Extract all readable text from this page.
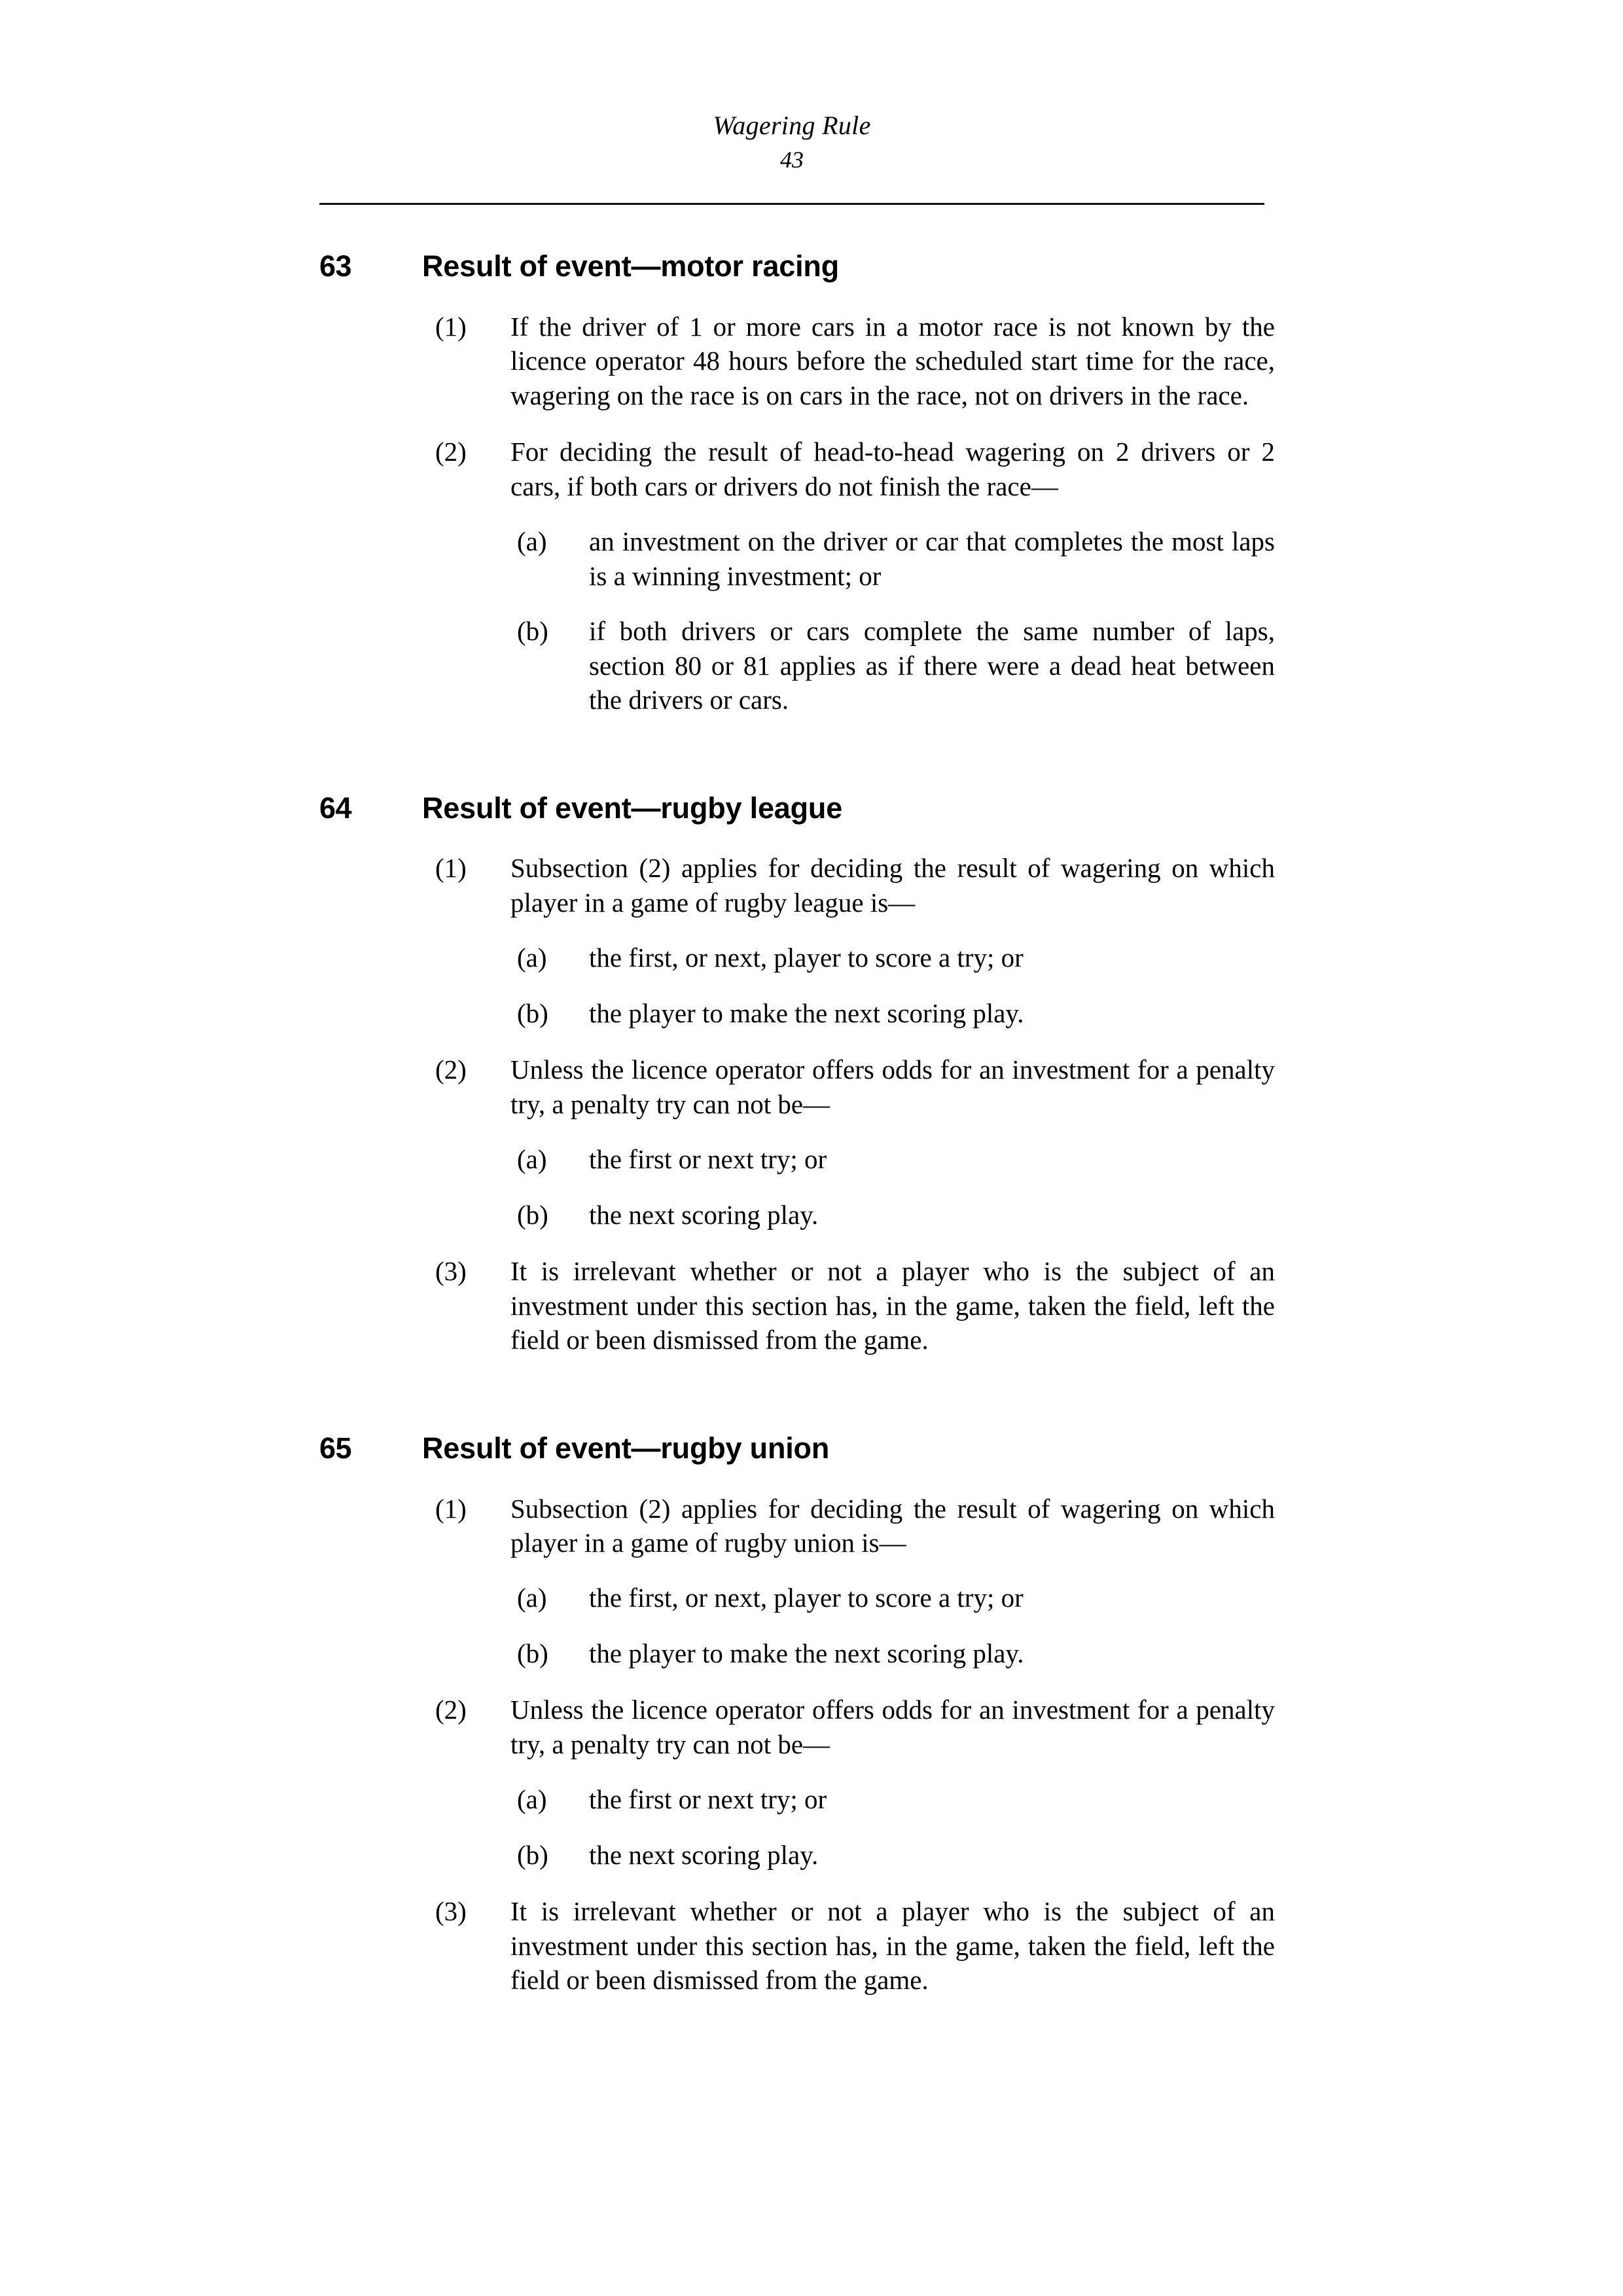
Wagering Rule
43
63	Result of event—motor racing
(1)	If the driver of 1 or more cars in a motor race is not known by the licence operator 48 hours before the scheduled start time for the race, wagering on the race is on cars in the race, not on drivers in the race.
(2)	For deciding the result of head-to-head wagering on 2 drivers or 2 cars, if both cars or drivers do not finish the race—
(a)	an investment on the driver or car that completes the most laps is a winning investment; or
(b)	if both drivers or cars complete the same number of laps, section 80 or 81 applies as if there were a dead heat between the drivers or cars.
64	Result of event—rugby league
(1)	Subsection (2) applies for deciding the result of wagering on which player in a game of rugby league is—
(a)	the first, or next, player to score a try; or
(b)	the player to make the next scoring play.
(2)	Unless the licence operator offers odds for an investment for a penalty try, a penalty try can not be—
(a)	the first or next try; or
(b)	the next scoring play.
(3)	It is irrelevant whether or not a player who is the subject of an investment under this section has, in the game, taken the field, left the field or been dismissed from the game.
65	Result of event—rugby union
(1)	Subsection (2) applies for deciding the result of wagering on which player in a game of rugby union is—
(a)	the first, or next, player to score a try; or
(b)	the player to make the next scoring play.
(2)	Unless the licence operator offers odds for an investment for a penalty try, a penalty try can not be—
(a)	the first or next try; or
(b)	the next scoring play.
(3)	It is irrelevant whether or not a player who is the subject of an investment under this section has, in the game, taken the field, left the field or been dismissed from the game.
